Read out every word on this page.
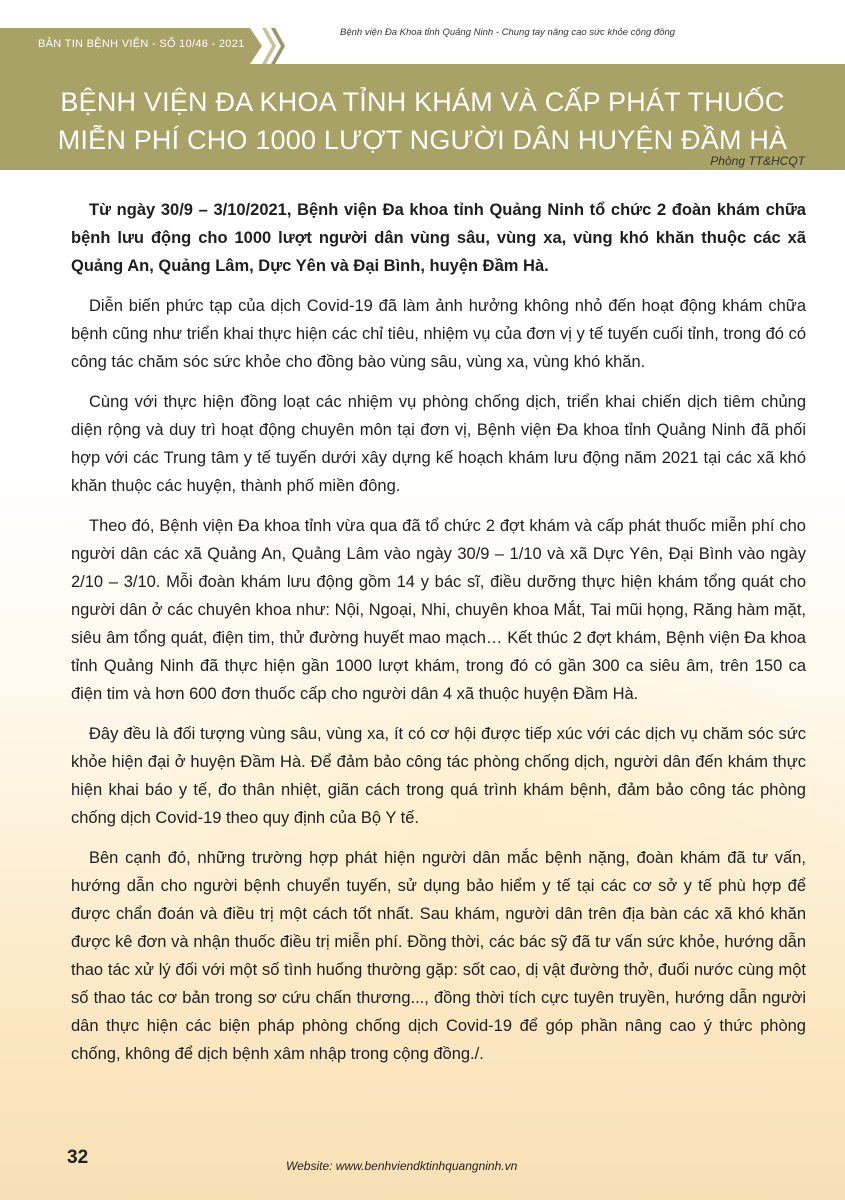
BẢN TIN BỆNH VIỆN - SỐ 10/46 - 2021
Bệnh viện Đa Khoa tỉnh Quảng Ninh - Chung tay nâng cao sức khỏe cộng đồng
BỆNH VIỆN ĐA KHOA TỈNH KHÁM VÀ CẤP PHÁT THUỐC
MIỄN PHÍ CHO 1000 LƯỢT NGƯỜI DÂN HUYỆN ĐẦM HÀ
Phòng TT&HCQT

Từ ngày 30/9 – 3/10/2021, Bệnh viện Đa khoa tỉnh Quảng Ninh tổ chức 2 đoàn khám chữa bệnh lưu động cho 1000 lượt người dân vùng sâu, vùng xa, vùng khó khăn thuộc các xã Quảng An, Quảng Lâm, Dực Yên và Đại Bình, huyện Đầm Hà.

Diễn biến phức tạp của dịch Covid-19 đã làm ảnh hưởng không nhỏ đến hoạt động khám chữa bệnh cũng như triển khai thực hiện các chỉ tiêu, nhiệm vụ của đơn vị y tế tuyến cuối tỉnh, trong đó có công tác chăm sóc sức khỏe cho đồng bào vùng sâu, vùng xa, vùng khó khăn.

Cùng với thực hiện đồng loạt các nhiệm vụ phòng chống dịch, triển khai chiến dịch tiêm chủng diện rộng và duy trì hoạt động chuyên môn tại đơn vị, Bệnh viện Đa khoa tỉnh Quảng Ninh đã phối hợp với các Trung tâm y tế tuyến dưới xây dựng kế hoạch khám lưu động năm 2021 tại các xã khó khăn thuộc các huyện, thành phố miền đông.

Theo đó, Bệnh viện Đa khoa tỉnh vừa qua đã tổ chức 2 đợt khám và cấp phát thuốc miễn phí cho người dân các xã Quảng An, Quảng Lâm vào ngày 30/9 – 1/10 và xã Dực Yên, Đại Bình vào ngày 2/10 – 3/10. Mỗi đoàn khám lưu động gồm 14 y bác sĩ, điều dưỡng thực hiện khám tổng quát cho người dân ở các chuyên khoa như: Nội, Ngoại, Nhi, chuyên khoa Mắt, Tai mũi họng, Răng hàm mặt, siêu âm tổng quát, điện tim, thử đường huyết mao mạch… Kết thúc 2 đợt khám, Bệnh viện Đa khoa tỉnh Quảng Ninh đã thực hiện gần 1000 lượt khám, trong đó có gần 300 ca siêu âm, trên 150 ca điện tim và hơn 600 đơn thuốc cấp cho người dân 4 xã thuộc huyện Đầm Hà.

Đây đều là đối tượng vùng sâu, vùng xa, ít có cơ hội được tiếp xúc với các dịch vụ chăm sóc sức khỏe hiện đại ở huyện Đầm Hà. Để đảm bảo công tác phòng chống dịch, người dân đến khám thực hiện khai báo y tế, đo thân nhiệt, giãn cách trong quá trình khám bệnh, đảm bảo công tác phòng chống dịch Covid-19 theo quy định của Bộ Y tế.

Bên cạnh đó, những trường hợp phát hiện người dân mắc bệnh nặng, đoàn khám đã tư vấn, hướng dẫn cho người bệnh chuyển tuyến, sử dụng bảo hiểm y tế tại các cơ sở y tế phù hợp để được chẩn đoán và điều trị một cách tốt nhất. Sau khám, người dân trên địa bàn các xã khó khăn được kê đơn và nhận thuốc điều trị miễn phí. Đồng thời, các bác sỹ đã tư vấn sức khỏe, hướng dẫn thao tác xử lý đối với một số tình huống thường gặp: sốt cao, dị vật đường thở, đuối nước cùng một số thao tác cơ bản trong sơ cứu chấn thương..., đồng thời tích cực tuyên truyền, hướng dẫn người dân thực hiện các biện pháp phòng chống dịch Covid-19 để góp phần nâng cao ý thức phòng chống, không để dịch bệnh xâm nhập trong cộng đồng./.

32	Website: www.benhviendktinhquangninh.vn
